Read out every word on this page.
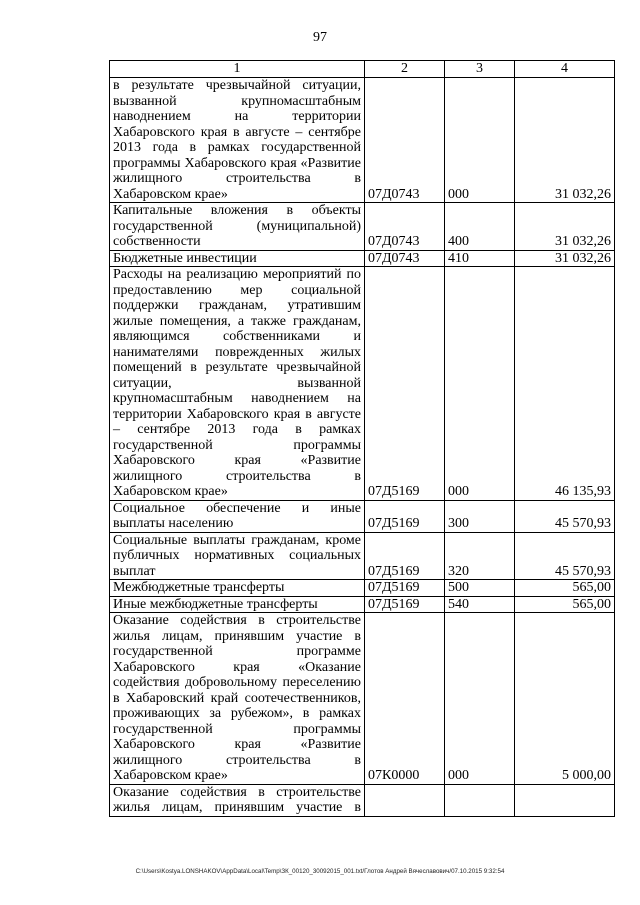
97
1	2	3	4
в результате чрезвычайной ситуации, вызванной крупномасштабным наводнением на территории Хабаровского края в августе – сентябре 2013 года в рамках государственной программы Хабаровского края «Развитие жилищного строительства в Хабаровском крае»	07Д0743	000	31 032,26
Капитальные вложения в объекты государственной (муниципальной) собственности	07Д0743	400	31 032,26
Бюджетные инвестиции	07Д0743	410	31 032,26
Расходы на реализацию мероприятий по предоставлению мер социальной поддержки гражданам, утратившим жилые помещения, а также гражданам, являющимся собственниками и нанимателями поврежденных жилых помещений в результате чрезвычайной ситуации, вызванной крупномасштабным наводнением на территории Хабаровского края в августе – сентябре 2013 года в рамках государственной программы Хабаровского края «Развитие жилищного строительства в Хабаровском крае»	07Д5169	000	46 135,93
Социальное обеспечение и иные выплаты населению	07Д5169	300	45 570,93
Социальные выплаты гражданам, кроме публичных нормативных социальных выплат	07Д5169	320	45 570,93
Межбюджетные трансферты	07Д5169	500	565,00
Иные межбюджетные трансферты	07Д5169	540	565,00
Оказание содействия в строительстве жилья лицам, принявшим участие в государственной программе Хабаровского края «Оказание содействия добровольному переселению в Хабаровский край соотечественников, проживающих за рубежом», в рамках государственной программы Хабаровского края «Развитие жилищного строительства в Хабаровском крае»	07К0000	000	5 000,00
Оказание содействия в строительстве жилья лицам, принявшим участие в			
C:\Users\Kostya.LONSHAKOV\AppData\Local\Temp\ЗК_00120_30092015_001.txt/Глотов Андрей Вячеславович/07.10.2015 9:32:54
